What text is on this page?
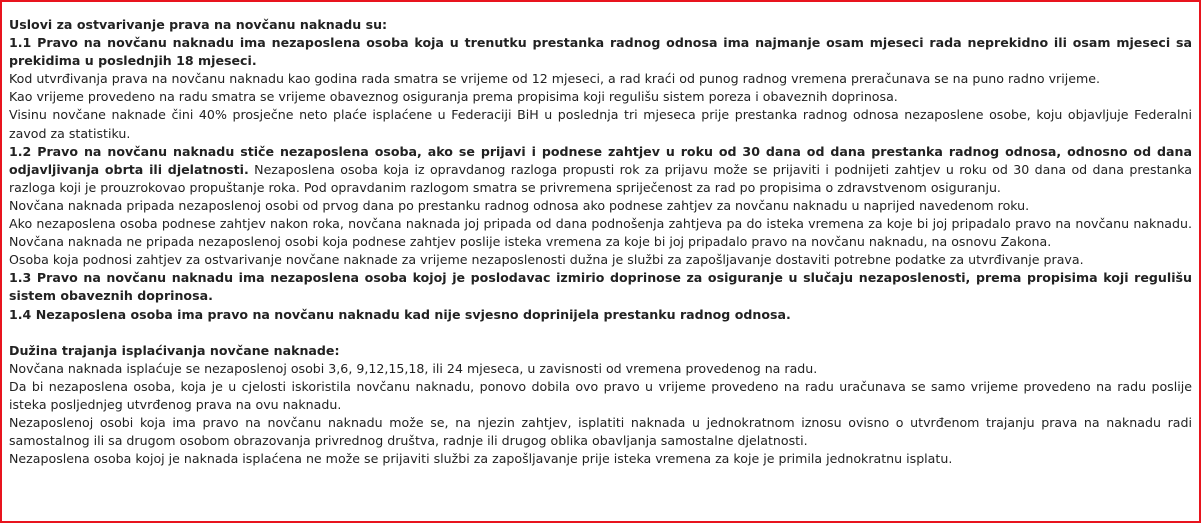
Uslovi za ostvarivanje prava na novčanu naknadu su:

1.1 Pravo na novčanu naknadu ima nezaposlena osoba koja u trenutku prestanka radnog odnosa ima najmanje osam mjeseci rada neprekidno ili osam mjeseci sa prekidima u poslednjih 18 mjeseci.

Kod utvrđivanja prava na novčanu naknadu kao godina rada smatra se vrijeme od 12 mjeseci, a rad kraći od punog radnog vremena preračunava se na puno radno vrijeme.

Kao vrijeme provedeno na radu smatra se vrijeme obaveznog osiguranja prema propisima koji regulišu sistem poreza i obaveznih doprinosa.

Visinu novčane naknade čini 40% prosječne neto plaće isplaćene u Federaciji BiH u poslednja tri mjeseca prije prestanka radnog odnosa nezaposlene osobe, koju objavljuje Federalni zavod za statistiku.

1.2 Pravo na novčanu naknadu stiče nezaposlena osoba, ako se prijavi i podnese zahtjev u roku od 30 dana od dana prestanka radnog odnosa, odnosno od dana odjavljivanja obrta ili djelatnosti. Nezaposlena osoba koja iz opravdanog razloga propusti rok za prijavu može se prijaviti i podnijeti zahtjev u roku od 30 dana od dana prestanka razloga koji je prouzrokovao propuštanje roka. Pod opravdanim razlogom smatra se privremena spriječenost za rad po propisima o zdravstvenom osiguranju.

Novčana naknada pripada nezaposlenoj osobi od prvog dana po prestanku radnog odnosa ako podnese zahtjev za novčanu naknadu u naprijed navedenom roku.

Ako nezaposlena osoba podnese zahtjev nakon roka, novčana naknada joj pripada od dana podnošenja zahtjeva pa do isteka vremena za koje bi joj pripadalo pravo na novčanu naknadu. Novčana naknada ne pripada nezaposlenoj osobi koja podnese zahtjev poslije isteka vremena za koje bi joj pripadalo pravo na novčanu naknadu, na osnovu Zakona.

Osoba koja podnosi zahtjev za ostvarivanje novčane naknade za vrijeme nezaposlenosti dužna je službi za zapošljavanje dostaviti potrebne podatke za utvrđivanje prava.

1.3 Pravo na novčanu naknadu ima nezaposlena osoba kojoj je poslodavac izmirio doprinose za osiguranje u slučaju nezaposlenosti, prema propisima koji regulišu sistem obaveznih doprinosa.

1.4 Nezaposlena osoba ima pravo na novčanu naknadu kad nije svjesno doprinijela prestanku radnog odnosa.

Dužina trajanja isplaćivanja novčane naknade:

Novčana naknada isplaćuje se nezaposlenoj osobi 3,6, 9,12,15,18, ili 24 mjeseca, u zavisnosti od vremena provedenog na radu.

Da bi nezaposlena osoba, koja je u cjelosti iskoristila novčanu naknadu, ponovo dobila ovo pravo u vrijeme provedeno na radu uračunava se samo vrijeme provedeno na radu poslije isteka posljednjeg utvrđenog prava na ovu naknadu.

Nezaposlenoj osobi koja ima pravo na novčanu naknadu može se, na njezin zahtjev, isplatiti naknada u jednokratnom iznosu ovisno o utvrđenom trajanju prava na naknadu radi samostalnog ili sa drugom osobom obrazovanja privrednog društva, radnje ili drugog oblika obavljanja samostalne djelatnosti.

Nezaposlena osoba kojoj je naknada isplaćena ne može se prijaviti službi za zapošljavanje prije isteka vremena za koje je primila jednokratnu isplatu.
